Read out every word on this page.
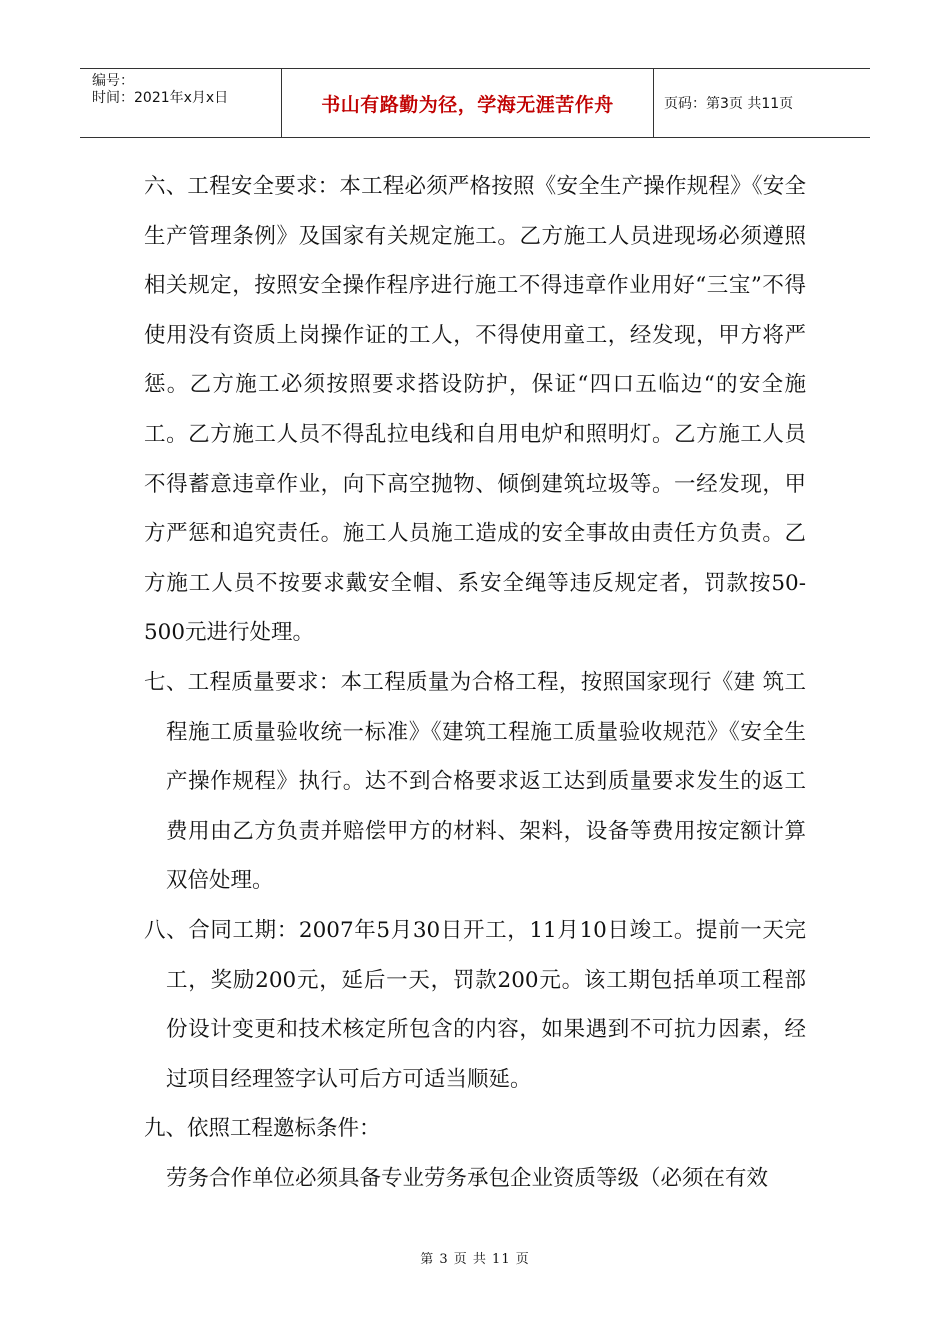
编号：
时间：2021年x月x日	书山有路勤为径，学海无涯苦作舟	页码：第3页 共11页

六、工程安全要求：本工程必须严格按照《安全生产操作规程》《安全生产管理条例》及国家有关规定施工。乙方施工人员进现场必须遵照相关规定，按照安全操作程序进行施工不得违章作业用好“三宝”不得使用没有资质上岗操作证的工人，不得使用童工，经发现，甲方将严惩。乙方施工必须按照要求搭设防护，保证“四口五临边“的安全施工。乙方施工人员不得乱拉电线和自用电炉和照明灯。乙方施工人员不得蓄意违章作业，向下高空抛物、倾倒建筑垃圾等。一经发现，甲方严惩和追究责任。施工人员施工造成的安全事故由责任方负责。乙方施工人员不按要求戴安全帽、系安全绳等违反规定者，罚款按50-500元进行处理。

七、工程质量要求：本工程质量为合格工程，按照国家现行《建 筑工程施工质量验收统一标准》《建筑工程施工质量验收规范》《安全生产操作规程》执行。达不到合格要求返工达到质量要求发生的返工费用由乙方负责并赔偿甲方的材料、架料，设备等费用按定额计算双倍处理。

八、合同工期：2007年5月30日开工，11月10日竣工。提前一天完工，奖励200元，延后一天，罚款200元。该工期包括单项工程部份设计变更和技术核定所包含的内容，如果遇到不可抗力因素，经过项目经理签字认可后方可适当顺延。

九、依照工程邀标条件：

劳务合作单位必须具备专业劳务承包企业资质等级（必须在有效

第 3 页 共 11 页
